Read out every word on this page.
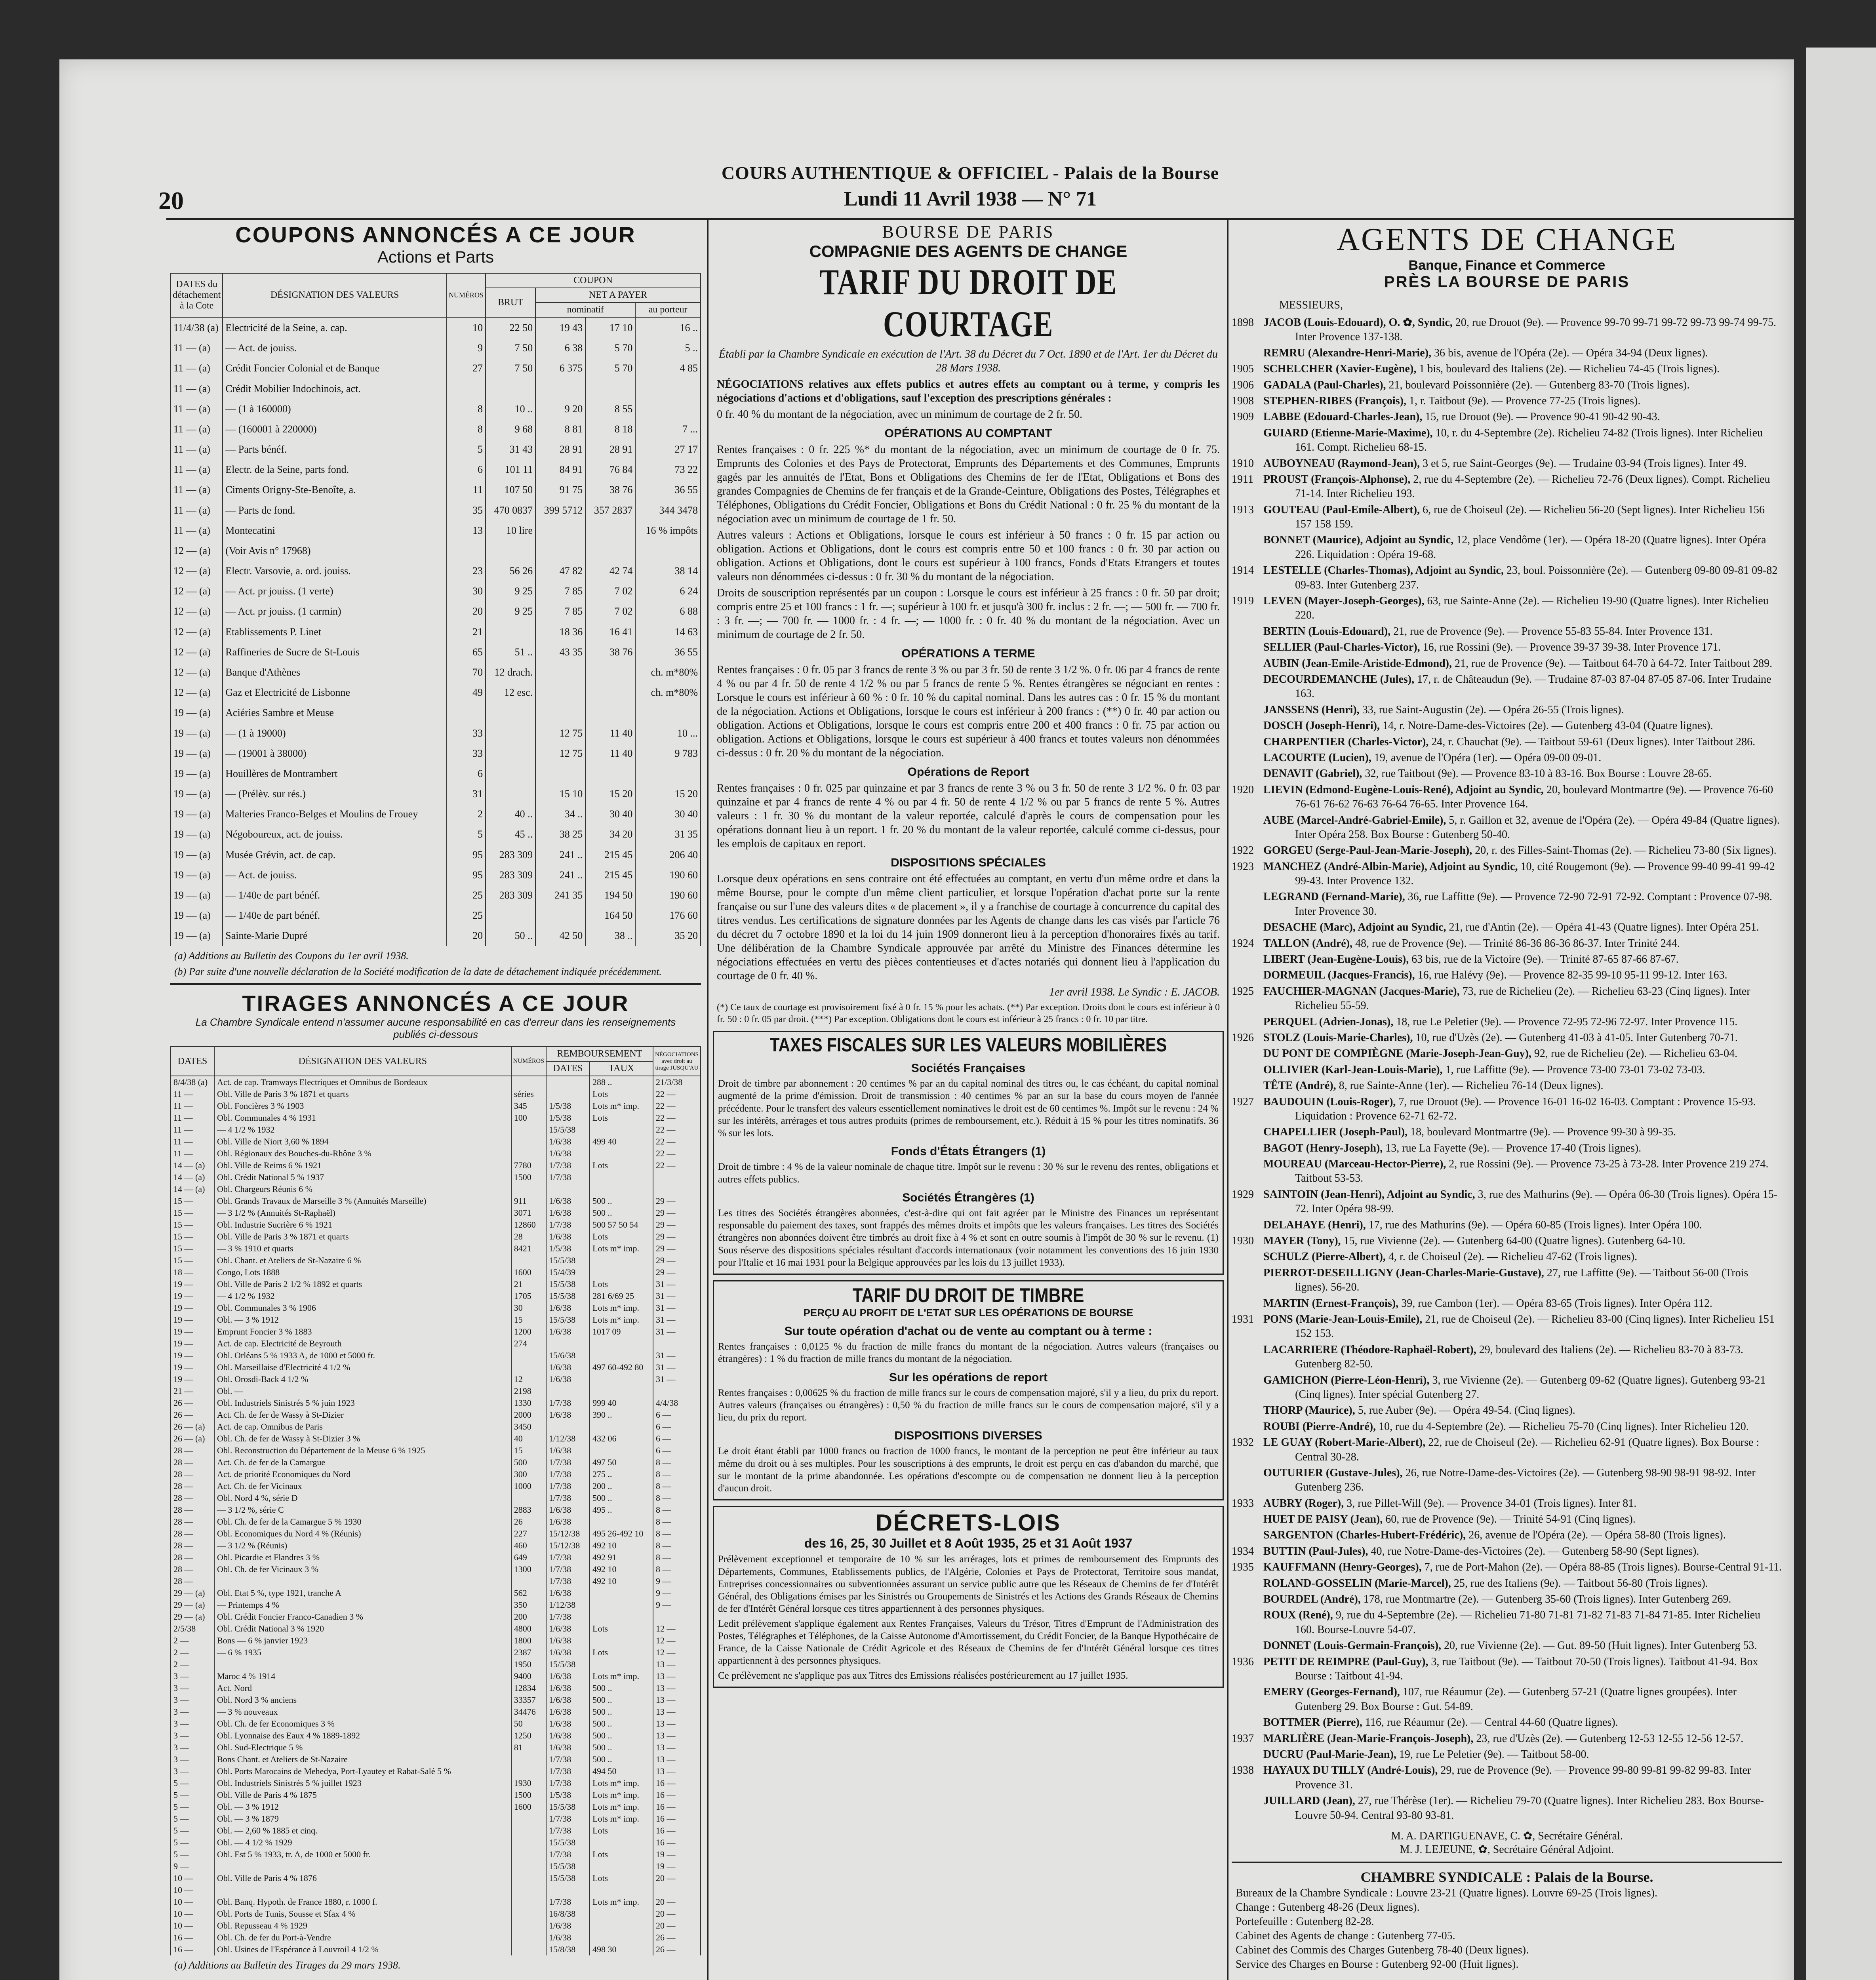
20
COURS AUTHENTIQUE & OFFICIEL - Palais de la Bourse
Lundi 11 Avril 1938 — N° 71
COUPONS ANNONCÉS A CE JOUR
Actions et Parts
DATES du détachement à la Cote	DÉSIGNATION DES VALEURS	NUMÉROS	COUPON			
			BRUT	NET A PAYER		
				nominatif		au porteur
11/4/38 (a)	Electricité de la Seine, a. cap.	10	22 50	19 43	17 10	16 ..
11 — (a)	— Act. de jouiss.	9	7 50	6 38	5 70	5 ..
11 — (a)	Crédit Foncier Colonial et de Banque	27	7 50	6 375	5 70	4 85
11 — (a)	Crédit Mobilier Indochinois, act.					
11 — (a)	— (1 à 160000)	8	10 ..	9 20	8 55	
11 — (a)	— (160001 à 220000)	8	9 68	8 81	8 18	7 ...
11 — (a)	— Parts bénéf.	5	31 43	28 91	28 91	27 17
11 — (a)	Electr. de la Seine, parts fond.	6	101 11	84 91	76 84	73 22
11 — (a)	Ciments Origny-Ste-Benoîte, a.	11	107 50	91 75	38 76	36 55
11 — (a)	— Parts de fond.	35	470 0837	399 5712	357 2837	344 3478
11 — (a)	Montecatini	13	10 lire			16 % impôts
12 — (a)	(Voir Avis n° 17968)					
12 — (a)	Electr. Varsovie, a. ord. jouiss.	23	56 26	47 82	42 74	38 14
12 — (a)	— Act. pr jouiss. (1 verte)	30	9 25	7 85	7 02	6 24
12 — (a)	— Act. pr jouiss. (1 carmin)	20	9 25	7 85	7 02	6 88
12 — (a)	Etablissements P. Linet	21		18 36	16 41	14 63
12 — (a)	Raffineries de Sucre de St-Louis	65	51 ..	43 35	38 76	36 55
12 — (a)	Banque d'Athènes	70	12 drach.			ch. m*80%
12 — (a)	Gaz et Electricité de Lisbonne	49	12 esc.			ch. m*80%
19 — (a)	Aciéries Sambre et Meuse					
19 — (a)	— (1 à 19000)	33		12 75	11 40	10 ...
19 — (a)	— (19001 à 38000)	33		12 75	11 40	9 783
19 — (a)	Houillères de Montrambert	6				
19 — (a)	— (Prélèv. sur rés.)	31		15 10	15 20	15 20
19 — (a)	Malteries Franco-Belges et Moulins de Frouey	2	40 ..	34 ..	30 40	30 40
19 — (a)	Négoboureux, act. de jouiss.	5	45 ..	38 25	34 20	31 35
19 — (a)	Musée Grévin, act. de cap.	95	283 309	241 ..	215 45	206 40
19 — (a)	— Act. de jouiss.	95	283 309	241 ..	215 45	190 60
19 — (a)	— 1/40e de part bénéf.	25	283 309	241 35	194 50	190 60
19 — (a)	— 1/40e de part bénéf.	25			164 50	176 60
19 — (a)	Sainte-Marie Dupré	20	50 ..	42 50	38 ..	35 20
(a) Additions au Bulletin des Coupons du 1er avril 1938.
(b) Par suite d'une nouvelle déclaration de la Société modification de la date de détachement indiquée précédemment.
TIRAGES ANNONCÉS A CE JOUR
La Chambre Syndicale entend n'assumer aucune responsabilité en cas d'erreur dans les renseignements publiés ci-dessous
DATES	DÉSIGNATION DES VALEURS	NUMÉROS	REMBOURSEMENT		NÉGOCIATIONS avec droit au tirage JUSQU'AU
			DATES	TAUX	
8/4/38 (a)	Act. de cap. Tramways Electriques et Omnibus de Bordeaux			288 ..	21/3/38
11 —	Obl. Ville de Paris 3 % 1871 et quarts	séries		Lots	22 —
11 —	Obl. Foncières 3 % 1903	345	1/5/38	Lots m* imp.	22 —
11 —	Obl. Communales 4 % 1931	100	1/5/38	Lots	22 —
11 —	— 4 1/2 % 1932		15/5/38		22 —
11 —	Obl. Ville de Niort 3,60 % 1894		1/6/38	499 40	22 —
11 —	Obl. Régionaux des Bouches-du-Rhône 3 %		1/6/38		22 —
14 — (a)	Obl. Ville de Reims 6 % 1921	7780	1/7/38	Lots	22 —
14 — (a)	Obl. Crédit National 5 % 1937	1500	1/7/38		
14 — (a)	Obl. Chargeurs Réunis 6 %				
15 —	Obl. Grands Travaux de Marseille 3 % (Annuités Marseille)	911	1/6/38	500 ..	29 —
15 —	— 3 1/2 % (Annuités St-Raphaël)	3071	1/6/38	500 ..	29 —
15 —	Obl. Industrie Sucrière 6 % 1921	12860	1/7/38	500 57 50 54	29 —
15 —	Obl. Ville de Paris 3 % 1871 et quarts	28	1/6/38	Lots	29 —
15 —	— 3 % 1910 et quarts	8421	1/5/38	Lots m* imp.	29 —
15 —	Obl. Chant. et Ateliers de St-Nazaire 6 %		15/5/38		29 —
18 —	Congo, Lots 1888	1600	15/4/39		29 —
19 —	Obl. Ville de Paris 2 1/2 % 1892 et quarts	21	15/5/38	Lots	31 —
19 —	— 4 1/2 % 1932	1705	15/5/38	281 6/69 25	31 —
19 —	Obl. Communales 3 % 1906	30	1/6/38	Lots m* imp.	31 —
19 —	Obl. — 3 % 1912	15	15/5/38	Lots m* imp.	31 —
19 —	Emprunt Foncier 3 % 1883	1200	1/6/38	1017 09	31 —
19 —	Act. de cap. Electricité de Beyrouth	274			
19 —	Obl. Orléans 5 % 1933 A, de 1000 et 5000 fr.		15/6/38		31 —
19 —	Obl. Marseillaise d'Electricité 4 1/2 %		1/6/38	497 60-492 80	31 —
19 —	Obl. Orosdi-Back 4 1/2 %	12	1/6/38		31 —
21 —	Obl. —	2198			
26 —	Obl. Industriels Sinistrés 5 % juin 1923	1330	1/7/38	999 40	4/4/38
26 —	Act. Ch. de fer de Wassy à St-Dizier	2000	1/6/38	390 ..	6 —
26 — (a)	Act. de cap. Omnibus de Paris	3450			6 —
26 — (a)	Obl. Ch. de fer de Wassy à St-Dizier 3 %	40	1/12/38	432 06	6 —
28 —	Obl. Reconstruction du Département de la Meuse 6 % 1925	15	1/6/38		6 —
28 —	Act. Ch. de fer de la Camargue	500	1/7/38	497 50	8 —
28 —	Act. de priorité Economiques du Nord	300	1/7/38	275 ..	8 —
28 —	Act. Ch. de fer Vicinaux	1000	1/7/38	200 ..	8 —
28 —	Obl. Nord 4 %, série D		1/7/38	500 ..	8 —
28 —	— 3 1/2 %, série C	2883	1/6/38	495 ..	8 —
28 —	Obl. Ch. de fer de la Camargue 5 % 1930	26	1/6/38		8 —
28 —	Obl. Economiques du Nord 4 % (Réunis)	227	15/12/38	495 26-492 10	8 —
28 —	— 3 1/2 % (Réunis)	460	15/12/38	492 10	8 —
28 —	Obl. Picardie et Flandres 3 %	649	1/7/38	492 91	8 —
28 —	Obl. Ch. de fer Vicinaux 3 %	1300	1/7/38	492 10	8 —
28 —			1/7/38	492 10	9 —
29 — (a)	Obl. Etat 5 %, type 1921, tranche A	562	1/6/38		9 —
29 — (a)	— Printemps 4 %	350	1/12/38		9 —
29 — (a)	Obl. Crédit Foncier Franco-Canadien 3 %	200	1/7/38		
2/5/38	Obl. Crédit National 3 % 1920	4800	1/6/38	Lots	12 —
2 —	Bons — 6 % janvier 1923	1800	1/6/38		12 —
2 —	— 6 % 1935	2387	1/6/38	Lots	12 —
2 —		1950	15/5/38		13 —
3 —	Maroc 4 % 1914	9400	1/6/38	Lots m* imp.	13 —
3 —	Act. Nord	12834	1/6/38	500 ..	13 —
3 —	Obl. Nord 3 % anciens	33357	1/6/38	500 ..	13 —
3 —	— 3 % nouveaux	34476	1/6/38	500 ..	13 —
3 —	Obl. Ch. de fer Economiques 3 %	50	1/6/38	500 ..	13 —
3 —	Obl. Lyonnaise des Eaux 4 % 1889-1892	1250	1/6/38	500 ..	13 —
3 —	Obl. Sud-Electrique 5 %	81	1/6/38	500 ..	13 —
3 —	Bons Chant. et Ateliers de St-Nazaire		1/7/38	500 ..	13 —
3 —	Obl. Ports Marocains de Mehedya, Port-Lyautey et Rabat-Salé 5 %		1/7/38	494 50	13 —
5 —	Obl. Industriels Sinistrés 5 % juillet 1923	1930	1/7/38	Lots m* imp.	16 —
5 —	Obl. Ville de Paris 4 % 1875	1500	1/5/38	Lots m* imp.	16 —
5 —	Obl. — 3 % 1912	1600	15/5/38	Lots m* imp.	16 —
5 —	Obl. — 3 % 1879		1/7/38	Lots m* imp.	16 —
5 —	Obl. — 2,60 % 1885 et cinq.		1/7/38	Lots	16 —
5 —	Obl. — 4 1/2 % 1929		15/5/38		16 —
5 —	Obl. Est 5 % 1933, tr. A, de 1000 et 5000 fr.		1/7/38	Lots	19 —
9 —			15/5/38		19 —
10 —	Obl. Ville de Paris 4 % 1876		15/5/38	Lots	20 —
10 —					
10 —	Obl. Banq. Hypoth. de France 1880, r. 1000 f.		1/7/38	Lots m* imp.	20 —
10 —	Obl. Ports de Tunis, Sousse et Sfax 4 %		16/8/38		20 —
10 —	Obl. Repusseau 4 % 1929		1/6/38		20 —
16 —	Obl. Ch. de fer du Port-à-Vendre		1/6/38		26 —
16 —	Obl. Usines de l'Espérance à Louvroil 4 1/2 %		15/8/38	498 30	26 —
(a) Additions au Bulletin des Tirages du 29 mars 1938.
BOURSE DE PARIS
COMPAGNIE DES AGENTS DE CHANGE
TARIF DU DROIT DE COURTAGE
Établi par la Chambre Syndicale en exécution de l'Art. 38 du Décret du 7 Oct. 1890 et de l'Art. 1er du Décret du 28 Mars 1938.
NÉGOCIATIONS relatives aux effets publics et autres effets au comptant ou à terme, y compris les négociations d'actions et d'obligations, sauf l'exception des prescriptions générales :
0 fr. 40 % du montant de la négociation, avec un minimum de courtage de 2 fr. 50.
OPÉRATIONS AU COMPTANT
Rentes françaises : 0 fr. 225 %* du montant de la négociation, avec un minimum de courtage de 0 fr. 75. Emprunts des Colonies et des Pays de Protectorat, Emprunts des Départements et des Communes, Emprunts gagés par les annuités de l'Etat, Bons et Obligations des Chemins de fer de l'Etat, Obligations et Bons des grandes Compagnies de Chemins de fer français et de la Grande-Ceinture, Obligations des Postes, Télégraphes et Téléphones, Obligations du Crédit Foncier, Obligations et Bons du Crédit National : 0 fr. 25 % du montant de la négociation avec un minimum de courtage de 1 fr. 50.
Autres valeurs : Actions et Obligations, lorsque le cours est inférieur à 50 francs : 0 fr. 15 par action ou obligation. Actions et Obligations, dont le cours est compris entre 50 et 100 francs : 0 fr. 30 par action ou obligation. Actions et Obligations, dont le cours est supérieur à 100 francs, Fonds d'Etats Etrangers et toutes valeurs non dénommées ci-dessus : 0 fr. 30 % du montant de la négociation.
Droits de souscription représentés par un coupon : Lorsque le cours est inférieur à 25 francs : 0 fr. 50 par droit; compris entre 25 et 100 francs : 1 fr. —; supérieur à 100 fr. et jusqu'à 300 fr. inclus : 2 fr. —; — 500 fr. — 700 fr. : 3 fr. —; — 700 fr. — 1000 fr. : 4 fr. —; — 1000 fr. : 0 fr. 40 % du montant de la négociation. Avec un minimum de courtage de 2 fr. 50.
OPÉRATIONS A TERME
Rentes françaises : 0 fr. 05 par 3 francs de rente 3 % ou par 3 fr. 50 de rente 3 1/2 %. 0 fr. 06 par 4 francs de rente 4 % ou par 4 fr. 50 de rente 4 1/2 % ou par 5 francs de rente 5 %. Rentes étrangères se négociant en rentes : Lorsque le cours est inférieur à 60 % : 0 fr. 10 % du capital nominal. Dans les autres cas : 0 fr. 15 % du montant de la négociation. Actions et Obligations, lorsque le cours est inférieur à 200 francs : (**) 0 fr. 40 par action ou obligation. Actions et Obligations, lorsque le cours est compris entre 200 et 400 francs : 0 fr. 75 par action ou obligation. Actions et Obligations, lorsque le cours est supérieur à 400 francs et toutes valeurs non dénommées ci-dessus : 0 fr. 20 % du montant de la négociation.
Opérations de Report
Rentes françaises : 0 fr. 025 par quinzaine et par 3 francs de rente 3 % ou 3 fr. 50 de rente 3 1/2 %. 0 fr. 03 par quinzaine et par 4 francs de rente 4 % ou par 4 fr. 50 de rente 4 1/2 % ou par 5 francs de rente 5 %. Autres valeurs : 1 fr. 30 % du montant de la valeur reportée, calculé d'après le cours de compensation pour les opérations donnant lieu à un report. 1 fr. 20 % du montant de la valeur reportée, calculé comme ci-dessus, pour les emplois de capitaux en report.
DISPOSITIONS SPÉCIALES
Lorsque deux opérations en sens contraire ont été effectuées au comptant, en vertu d'un même ordre et dans la même Bourse, pour le compte d'un même client particulier, et lorsque l'opération d'achat porte sur la rente française ou sur l'une des valeurs dites « de placement », il y a franchise de courtage à concurrence du capital des titres vendus. Les certifications de signature données par les Agents de change dans les cas visés par l'article 76 du décret du 7 octobre 1890 et la loi du 14 juin 1909 donneront lieu à la perception d'honoraires fixés au tarif. Une délibération de la Chambre Syndicale approuvée par arrêté du Ministre des Finances détermine les négociations effectuées en vertu des pièces contentieuses et d'actes notariés qui donnent lieu à l'application du courtage de 0 fr. 40 %.
1er avril 1938. Le Syndic : E. JACOB.
(*) Ce taux de courtage est provisoirement fixé à 0 fr. 15 % pour les achats. (**) Par exception. Droits dont le cours est inférieur à 0 fr. 50 : 0 fr. 05 par droit. (***) Par exception. Obligations dont le cours est inférieur à 25 francs : 0 fr. 10 par titre.
TAXES FISCALES SUR LES VALEURS MOBILIÈRES
Sociétés Françaises
Droit de timbre par abonnement : 20 centimes % par an du capital nominal des titres ou, le cas échéant, du capital nominal augmenté de la prime d'émission. Droit de transmission : 40 centimes % par an sur la base du cours moyen de l'année précédente. Pour le transfert des valeurs essentiellement nominatives le droit est de 60 centimes %. Impôt sur le revenu : 24 % sur les intérêts, arrérages et tous autres produits (primes de remboursement, etc.). Réduit à 15 % pour les titres nominatifs. 36 % sur les lots.
Fonds d'États Étrangers (1)
Droit de timbre : 4 % de la valeur nominale de chaque titre. Impôt sur le revenu : 30 % sur le revenu des rentes, obligations et autres effets publics.
Sociétés Étrangères (1)
Les titres des Sociétés étrangères abonnées, c'est-à-dire qui ont fait agréer par le Ministre des Finances un représentant responsable du paiement des taxes, sont frappés des mêmes droits et impôts que les valeurs françaises. Les titres des Sociétés étrangères non abonnées doivent être timbrés au droit fixe à 4 % et sont en outre soumis à l'impôt de 30 % sur le revenu. (1) Sous réserve des dispositions spéciales résultant d'accords internationaux (voir notamment les conventions des 16 juin 1930 pour l'Italie et 16 mai 1931 pour la Belgique approuvées par les lois du 13 juillet 1933).
TARIF DU DROIT DE TIMBRE
PERÇU AU PROFIT DE L'ETAT SUR LES OPÉRATIONS DE BOURSE
Sur toute opération d'achat ou de vente au comptant ou à terme :
Rentes françaises : 0,0125 % du fraction de mille francs du montant de la négociation. Autres valeurs (françaises ou étrangères) : 1 % du fraction de mille francs du montant de la négociation.
Sur les opérations de report
Rentes françaises : 0,00625 % du fraction de mille francs sur le cours de compensation majoré, s'il y a lieu, du prix du report. Autres valeurs (françaises ou étrangères) : 0,50 % du fraction de mille francs sur le cours de compensation majoré, s'il y a lieu, du prix du report.
DISPOSITIONS DIVERSES
Le droit étant établi par 1000 francs ou fraction de 1000 francs, le montant de la perception ne peut être inférieur au taux même du droit ou à ses multiples. Pour les souscriptions à des emprunts, le droit est perçu en cas d'abandon du marché, que sur le montant de la prime abandonnée. Les opérations d'escompte ou de compensation ne donnent lieu à la perception d'aucun droit.
DÉCRETS-LOIS
des 16, 25, 30 Juillet et 8 Août 1935, 25 et 31 Août 1937
Prélèvement exceptionnel et temporaire de 10 % sur les arrérages, lots et primes de remboursement des Emprunts des Départements, Communes, Etablissements publics, de l'Algérie, Colonies et Pays de Protectorat, Territoire sous mandat, Entreprises concessionnaires ou subventionnées assurant un service public autre que les Réseaux de Chemins de fer d'Intérêt Général, des Obligations émises par les Sinistrés ou Groupements de Sinistrés et les Actions des Grands Réseaux de Chemins de fer d'Intérêt Général lorsque ces titres appartiennent à des personnes physiques.
Ledit prélèvement s'applique également aux Rentes Françaises, Valeurs du Trésor, Titres d'Emprunt de l'Administration des Postes, Télégraphes et Téléphones, de la Caisse Autonome d'Amortissement, du Crédit Foncier, de la Banque Hypothécaire de France, de la Caisse Nationale de Crédit Agricole et des Réseaux de Chemins de fer d'Intérêt Général lorsque ces titres appartiennent à des personnes physiques.
Ce prélèvement ne s'applique pas aux Titres des Emissions réalisées postérieurement au 17 juillet 1935.
AGENTS DE CHANGE
Banque, Finance et Commerce
PRÈS LA BOURSE DE PARIS
MESSIEURS,
1898 JACOB (Louis-Edouard), O. ✿, Syndic, 20, rue Drouot (9e). — Provence 99-70 99-71 99-72 99-73 99-74 99-75. Inter Provence 137-138.
REMRU (Alexandre-Henri-Marie), 36 bis, avenue de l'Opéra (2e). — Opéra 34-94 (Deux lignes).
1905 SCHELCHER (Xavier-Eugène), 1 bis, boulevard des Italiens (2e). — Richelieu 74-45 (Trois lignes).
1906 GADALA (Paul-Charles), 21, boulevard Poissonnière (2e). — Gutenberg 83-70 (Trois lignes).
1908 STEPHEN-RIBES (François), 1, r. Taitbout (9e). — Provence 77-25 (Trois lignes).
1909 LABBE (Edouard-Charles-Jean), 15, rue Drouot (9e). — Provence 90-41 90-42 90-43.
GUIARD (Etienne-Marie-Maxime), 10, r. du 4-Septembre (2e). Richelieu 74-82 (Trois lignes). Inter Richelieu 161. Compt. Richelieu 68-15.
1910 AUBOYNEAU (Raymond-Jean), 3 et 5, rue Saint-Georges (9e). — Trudaine 03-94 (Trois lignes). Inter 49.
1911 PROUST (François-Alphonse), 2, rue du 4-Septembre (2e). — Richelieu 72-76 (Deux lignes). Compt. Richelieu 71-14. Inter Richelieu 193.
1913 GOUTEAU (Paul-Emile-Albert), 6, rue de Choiseul (2e). — Richelieu 56-20 (Sept lignes). Inter Richelieu 156 157 158 159.
BONNET (Maurice), Adjoint au Syndic, 12, place Vendôme (1er). — Opéra 18-20 (Quatre lignes). Inter Opéra 226. Liquidation : Opéra 19-68.
1914 LESTELLE (Charles-Thomas), Adjoint au Syndic, 23, boul. Poissonnière (2e). — Gutenberg 09-80 09-81 09-82 09-83. Inter Gutenberg 237.
1919 LEVEN (Mayer-Joseph-Georges), 63, rue Sainte-Anne (2e). — Richelieu 19-90 (Quatre lignes). Inter Richelieu 220.
BERTIN (Louis-Edouard), 21, rue de Provence (9e). — Provence 55-83 55-84. Inter Provence 131.
SELLIER (Paul-Charles-Victor), 16, rue Rossini (9e). — Provence 39-37 39-38. Inter Provence 171.
AUBIN (Jean-Emile-Aristide-Edmond), 21, rue de Provence (9e). — Taitbout 64-70 à 64-72. Inter Taitbout 289.
DECOURDEMANCHE (Jules), 17, r. de Châteaudun (9e). — Trudaine 87-03 87-04 87-05 87-06. Inter Trudaine 163.
JANSSENS (Henri), 33, rue Saint-Augustin (2e). — Opéra 26-55 (Trois lignes).
DOSCH (Joseph-Henri), 14, r. Notre-Dame-des-Victoires (2e). — Gutenberg 43-04 (Quatre lignes).
CHARPENTIER (Charles-Victor), 24, r. Chauchat (9e). — Taitbout 59-61 (Deux lignes). Inter Taitbout 286.
LACOURTE (Lucien), 19, avenue de l'Opéra (1er). — Opéra 09-00 09-01.
DENAVIT (Gabriel), 32, rue Taitbout (9e). — Provence 83-10 à 83-16. Box Bourse : Louvre 28-65.
1920 LIEVIN (Edmond-Eugène-Louis-René), Adjoint au Syndic, 20, boulevard Montmartre (9e). — Provence 76-60 76-61 76-62 76-63 76-64 76-65. Inter Provence 164.
AUBE (Marcel-André-Gabriel-Emile), 5, r. Gaillon et 32, avenue de l'Opéra (2e). — Opéra 49-84 (Quatre lignes). Inter Opéra 258. Box Bourse : Gutenberg 50-40.
1922 GORGEU (Serge-Paul-Jean-Marie-Joseph), 20, r. des Filles-Saint-Thomas (2e). — Richelieu 73-80 (Six lignes).
1923 MANCHEZ (André-Albin-Marie), Adjoint au Syndic, 10, cité Rougemont (9e). — Provence 99-40 99-41 99-42 99-43. Inter Provence 132.
LEGRAND (Fernand-Marie), 36, rue Laffitte (9e). — Provence 72-90 72-91 72-92. Comptant : Provence 07-98. Inter Provence 30.
DESACHE (Marc), Adjoint au Syndic, 21, rue d'Antin (2e). — Opéra 41-43 (Quatre lignes). Inter Opéra 251.
1924 TALLON (André), 48, rue de Provence (9e). — Trinité 86-36 86-36 86-37. Inter Trinité 244.
LIBERT (Jean-Eugène-Louis), 63 bis, rue de la Victoire (9e). — Trinité 87-65 87-66 87-67.
DORMEUIL (Jacques-Francis), 16, rue Halévy (9e). — Provence 82-35 99-10 95-11 99-12. Inter 163.
1925 FAUCHIER-MAGNAN (Jacques-Marie), 73, rue de Richelieu (2e). — Richelieu 63-23 (Cinq lignes). Inter Richelieu 55-59.
PERQUEL (Adrien-Jonas), 18, rue Le Peletier (9e). — Provence 72-95 72-96 72-97. Inter Provence 115.
1926 STOLZ (Louis-Marie-Charles), 10, rue d'Uzès (2e). — Gutenberg 41-03 à 41-05. Inter Gutenberg 70-71.
DU PONT DE COMPIÈGNE (Marie-Joseph-Jean-Guy), 92, rue de Richelieu (2e). — Richelieu 63-04.
OLLIVIER (Karl-Jean-Louis-Marie), 1, rue Laffitte (9e). — Provence 73-00 73-01 73-02 73-03.
TÊTE (André), 8, rue Sainte-Anne (1er). — Richelieu 76-14 (Deux lignes).
1927 BAUDOUIN (Louis-Roger), 7, rue Drouot (9e). — Provence 16-01 16-02 16-03. Comptant : Provence 15-93. Liquidation : Provence 62-71 62-72.
CHAPELLIER (Joseph-Paul), 18, boulevard Montmartre (9e). — Provence 99-30 à 99-35.
BAGOT (Henry-Joseph), 13, rue La Fayette (9e). — Provence 17-40 (Trois lignes).
MOUREAU (Marceau-Hector-Pierre), 2, rue Rossini (9e). — Provence 73-25 à 73-28. Inter Provence 219 274. Taitbout 53-53.
1929 SAINTOIN (Jean-Henri), Adjoint au Syndic, 3, rue des Mathurins (9e). — Opéra 06-30 (Trois lignes). Opéra 15-72. Inter Opéra 98-99.
DELAHAYE (Henri), 17, rue des Mathurins (9e). — Opéra 60-85 (Trois lignes). Inter Opéra 100.
1930 MAYER (Tony), 15, rue Vivienne (2e). — Gutenberg 64-00 (Quatre lignes). Gutenberg 64-10.
SCHULZ (Pierre-Albert), 4, r. de Choiseul (2e). — Richelieu 47-62 (Trois lignes).
PIERROT-DESEILLIGNY (Jean-Charles-Marie-Gustave), 27, rue Laffitte (9e). — Taitbout 56-00 (Trois lignes). 56-20.
MARTIN (Ernest-François), 39, rue Cambon (1er). — Opéra 83-65 (Trois lignes). Inter Opéra 112.
1931 PONS (Marie-Jean-Louis-Emile), 21, rue de Choiseul (2e). — Richelieu 83-00 (Cinq lignes). Inter Richelieu 151 152 153.
LACARRIERE (Théodore-Raphaël-Robert), 29, boulevard des Italiens (2e). — Richelieu 83-70 à 83-73. Gutenberg 82-50.
GAMICHON (Pierre-Léon-Henri), 3, rue Vivienne (2e). — Gutenberg 09-62 (Quatre lignes). Gutenberg 93-21 (Cinq lignes). Inter spécial Gutenberg 27.
THORP (Maurice), 5, rue Auber (9e). — Opéra 49-54. (Cinq lignes).
ROUBI (Pierre-André), 10, rue du 4-Septembre (2e). — Richelieu 75-70 (Cinq lignes). Inter Richelieu 120.
1932 LE GUAY (Robert-Marie-Albert), 22, rue de Choiseul (2e). — Richelieu 62-91 (Quatre lignes). Box Bourse : Central 30-28.
OUTURIER (Gustave-Jules), 26, rue Notre-Dame-des-Victoires (2e). — Gutenberg 98-90 98-91 98-92. Inter Gutenberg 236.
1933 AUBRY (Roger), 3, rue Pillet-Will (9e). — Provence 34-01 (Trois lignes). Inter 81.
HUET DE PAISY (Jean), 60, rue de Provence (9e). — Trinité 54-91 (Cinq lignes).
SARGENTON (Charles-Hubert-Frédéric), 26, avenue de l'Opéra (2e). — Opéra 58-80 (Trois lignes).
1934 BUTTIN (Paul-Jules), 40, rue Notre-Dame-des-Victoires (2e). — Gutenberg 58-90 (Sept lignes).
1935 KAUFFMANN (Henry-Georges), 7, rue de Port-Mahon (2e). — Opéra 88-85 (Trois lignes). Bourse-Central 91-11.
ROLAND-GOSSELIN (Marie-Marcel), 25, rue des Italiens (9e). — Taitbout 56-80 (Trois lignes).
BOURDEL (André), 178, rue Montmartre (2e). — Gutenberg 35-60 (Trois lignes). Inter Gutenberg 269.
ROUX (René), 9, rue du 4-Septembre (2e). — Richelieu 71-80 71-81 71-82 71-83 71-84 71-85. Inter Richelieu 160. Bourse-Louvre 54-07.
DONNET (Louis-Germain-François), 20, rue Vivienne (2e). — Gut. 89-50 (Huit lignes). Inter Gutenberg 53.
1936 PETIT DE REIMPRE (Paul-Guy), 3, rue Taitbout (9e). — Taitbout 70-50 (Trois lignes). Taitbout 41-94. Box Bourse : Taitbout 41-94.
EMERY (Georges-Fernand), 107, rue Réaumur (2e). — Gutenberg 57-21 (Quatre lignes groupées). Inter Gutenberg 29. Box Bourse : Gut. 54-89.
BOTTMER (Pierre), 116, rue Réaumur (2e). — Central 44-60 (Quatre lignes).
1937 MARLIÈRE (Jean-Marie-François-Joseph), 23, rue d'Uzès (2e). — Gutenberg 12-53 12-55 12-56 12-57.
DUCRU (Paul-Marie-Jean), 19, rue Le Peletier (9e). — Taitbout 58-00.
1938 HAYAUX DU TILLY (André-Louis), 29, rue de Provence (9e). — Provence 99-80 99-81 99-82 99-83. Inter Provence 31.
JUILLARD (Jean), 27, rue Thérèse (1er). — Richelieu 79-70 (Quatre lignes). Inter Richelieu 283. Box Bourse-Louvre 50-94. Central 93-80 93-81.
M. A. DARTIGUENAVE, C. ✿, Secrétaire Général.
M. J. LEJEUNE, ✿, Secrétaire Général Adjoint.
CHAMBRE SYNDICALE : Palais de la Bourse.
Bureaux de la Chambre Syndicale : Louvre 23-21 (Quatre lignes). Louvre 69-25 (Trois lignes).
Change : Gutenberg 48-26 (Deux lignes).
Portefeuille : Gutenberg 82-28.
Cabinet des Agents de change : Gutenberg 77-05.
Cabinet des Commis des Charges Gutenberg 78-40 (Deux lignes).
Service des Charges en Bourse : Gutenberg 92-00 (Huit lignes).
